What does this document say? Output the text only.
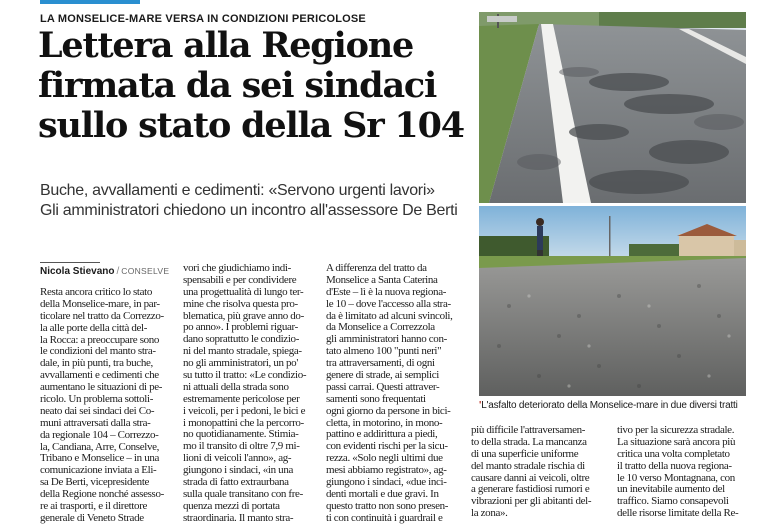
LA MONSELICE-MARE VERSA IN CONDIZIONI PERICOLOSE
Lettera alla Regione
firmata da sei sindaci
sullo stato della Sr 104
Buche, avvallamenti e cedimenti: «Servono urgenti lavori»
Gli amministratori chiedono un incontro all'assessore De Berti
Nicola Stievano / CONSELVE
Resta ancora critico lo stato
della Monselice-mare, in par-
ticolare nel tratto da Correzzo-
la alle porte della città del-
la Rocca: a preoccupare sono
le condizioni del manto stra-
dale, in più punti, tra buche,
avvallamenti e cedimenti che
aumentano le situazioni di pe-
ricolo. Un problema sottoli-
neato dai sei sindaci dei Co-
muni attraversati dalla stra-
da regionale 104 – Correzzo-
la, Candiana, Arre, Conselve,
Tribano e Monselice – in una
comunicazione inviata a Eli-
sa De Berti, vicepresidente
della Regione nonché assesso-
re ai trasporti, e il direttore
generale di Veneto Strade
vori che giudichiamo indi-
spensabili e per condividere
una progettualità di lungo ter-
mine che risolva questa pro-
blematica, più grave anno do-
po anno». I problemi riguar-
dano soprattutto le condizio-
ni del manto stradale, spiega-
no gli amministratori, un po'
su tutto il tratto: «Le condizio-
ni attuali della strada sono
estremamente pericolose per
i veicoli, per i pedoni, le bici e
i monopattini che la percorro-
no quotidianamente. Stimia-
mo il transito di oltre 7,9 mi-
lioni di veicoli l'anno», ag-
giungono i sindaci, «in una
strada di fatto extraurbana
sulla quale transitano con fre-
quenza mezzi di portata
straordinaria. Il manto stra-
A differenza del tratto da
Monselice a Santa Caterina
d'Este – lì è la nuova regiona-
le 10 – dove l'accesso alla stra-
da è limitato ad alcuni svincoli,
da Monselice a Correzzola
gli amministratori hanno con-
tato almeno 100 "punti neri"
tra attraversamenti, di ogni
genere di strade, ai semplici
passi carrai. Questi attraver-
samenti sono frequentati
ogni giorno da persone in bici-
cletta, in motorino, in mono-
pattino e addirittura a piedi,
con evidenti rischi per la sicu-
rezza. «Solo negli ultimi due
mesi abbiamo registrato», ag-
giungono i sindaci, «due inci-
denti mortali e due gravi. In
questo tratto non sono presen-
ti con continuità i guardrail e
più difficile l'attraversamen-
to della strada. La mancanza
di una superficie uniforme
del manto stradale rischia di
causare danni ai veicoli, oltre
a generare fastidiosi rumori e
vibrazioni per gli abitanti del-
la zona».
tivo per la sicurezza stradale.
La situazione sarà ancora più
critica una volta completato
il tratto della nuova regiona-
le 10 verso Montagnana, con
un inevitabile aumento del
traffico. Siamo consapevoli
delle risorse limitate della Re-
'L'asfalto deteriorato della Monselice-mare in due diversi tratti
